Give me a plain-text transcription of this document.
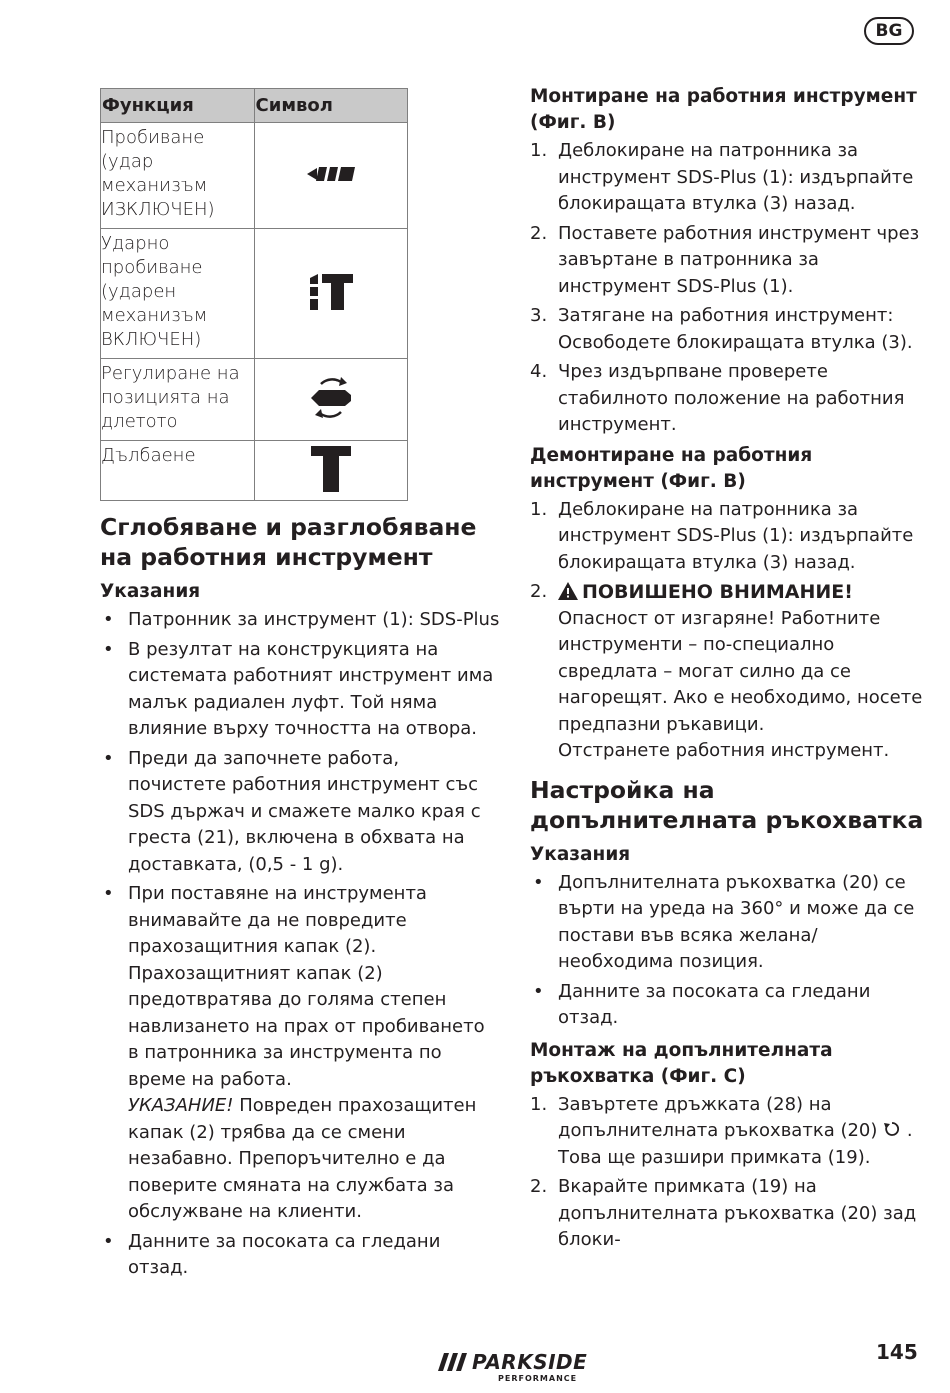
BG
Функция	Символ
Пробиване (удар механизъм ИЗКЛЮЧЕН)	
Ударно пробиване (ударен механизъм ВКЛЮЧЕН)	
Регулиране на позицията на длетото	
Дълбаене	
Сглобяване и разглобяване на работния инструмент
Указания
• Патронник за инструмент (1): SDS-Plus
• В резултат на конструкцията на системата работният инструмент има малък радиален луфт. Той няма влияние върху точността на отвора.
• Преди да започнете работа, почистете работния инструмент със SDS държач и смажете малко края с греста (21), включена в обхвата на доставката, (0,5 - 1 g).
• При поставяне на инструмента внимавайте да не повредите прахозащитния капак (2). Прахозащитният капак (2) предотвратява до голяма степен навлизането на прах от пробиването в патронника за инструмента по време на работа.
УКАЗАНИЕ! Повреден прахозащитен капак (2) трябва да се смени незабавно. Препоръчително е да поверите смяната на службата за обслужване на клиенти.
• Данните за посоката са гледани отзад.
Монтиране на работния инструмент (Фиг. B)
1. Деблокиране на патронника за инструмент SDS-Plus (1): издърпайте блокиращата втулка (3) назад.
2. Поставете работния инструмент чрез завъртане в патронника за инструмент SDS-Plus (1).
3. Затягане на работния инструмент: Освободете блокиращата втулка (3).
4. Чрез издърпване проверете стабилното положение на работния инструмент.
Демонтиране на работния инструмент (Фиг. B)
1. Деблокиране на патронника за инструмент SDS-Plus (1): издърпайте блокиращата втулка (3) назад.
2.	ПОВИШЕНО ВНИМАНИЕ!
Опасност от изгаряне! Работните инструменти – по-специално свредлата – могат силно да се нагорещят. Ако е необходимо, носете предпазни ръкавици.
Отстранете работния инструмент.
Настройка на допълнителната ръкохватка
Указания
• Допълнителната ръкохватка (20) се върти на уреда на 360° и може да се постави във всяка желана/необходима позиция.
• Данните за посоката са гледани отзад.
Монтаж на допълнителната ръкохватка (Фиг. C)
1. Завъртете дръжката (28) на допълнителната ръкохватка (20) . Това ще разшири примката (19).
2. Вкарайте примката (19) на допълнителната ръкохватка (20) зад блоки-
PARKSIDE
PERFORMANCE
145
